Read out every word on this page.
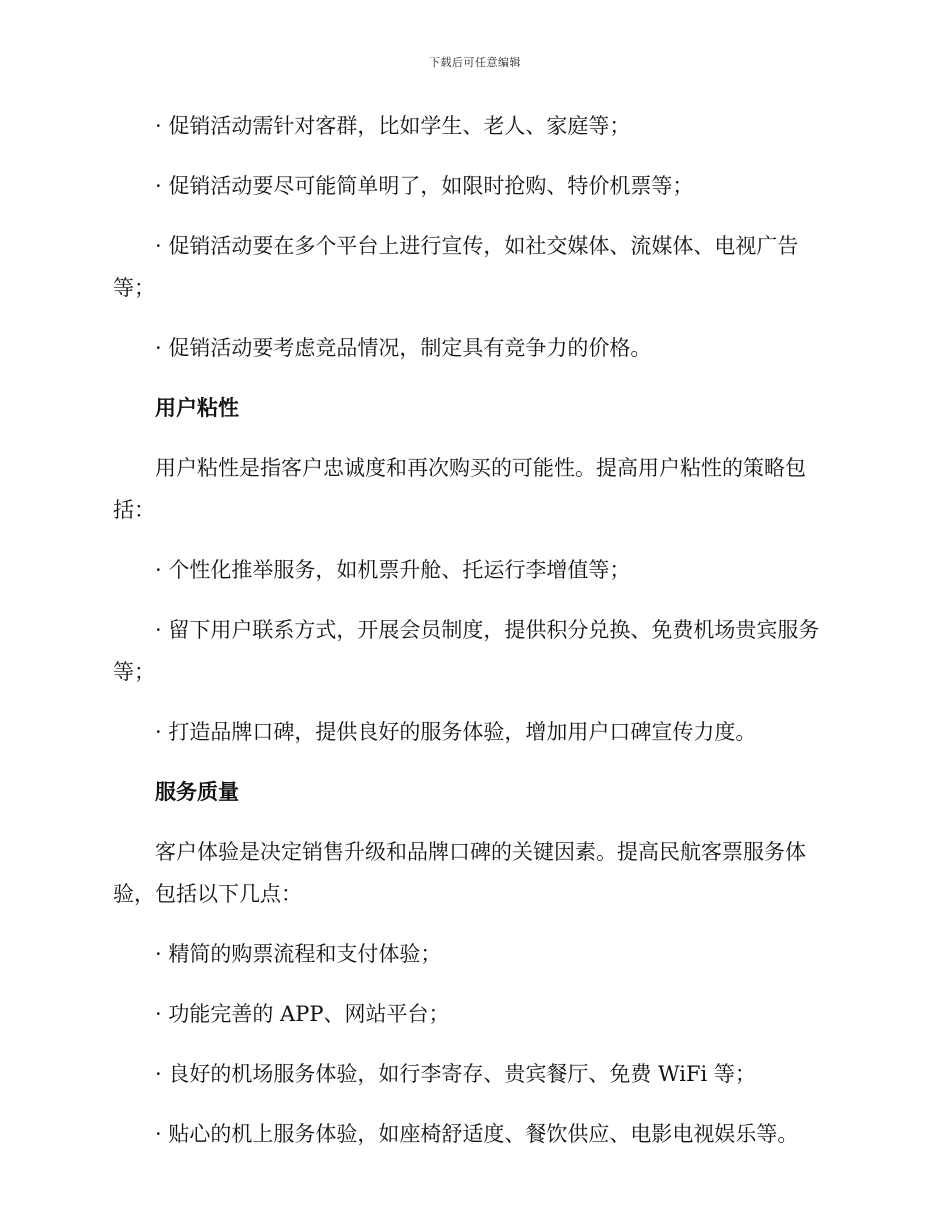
下载后可任意编辑

· 促销活动需针对客群，比如学生、老人、家庭等；

· 促销活动要尽可能简单明了，如限时抢购、特价机票等；

· 促销活动要在多个平台上进行宣传，如社交媒体、流媒体、电视广告等；

· 促销活动要考虑竞品情况，制定具有竞争力的价格。

用户粘性

用户粘性是指客户忠诚度和再次购买的可能性。提高用户粘性的策略包括：

· 个性化推举服务，如机票升舱、托运行李增值等；

· 留下用户联系方式，开展会员制度，提供积分兑换、免费机场贵宾服务等；

· 打造品牌口碑，提供良好的服务体验，增加用户口碑宣传力度。

服务质量

客户体验是决定销售升级和品牌口碑的关键因素。提高民航客票服务体验，包括以下几点：

· 精简的购票流程和支付体验；

· 功能完善的 APP、网站平台；

· 良好的机场服务体验，如行李寄存、贵宾餐厅、免费 WiFi 等；

· 贴心的机上服务体验，如座椅舒适度、餐饮供应、电影电视娱乐等。
